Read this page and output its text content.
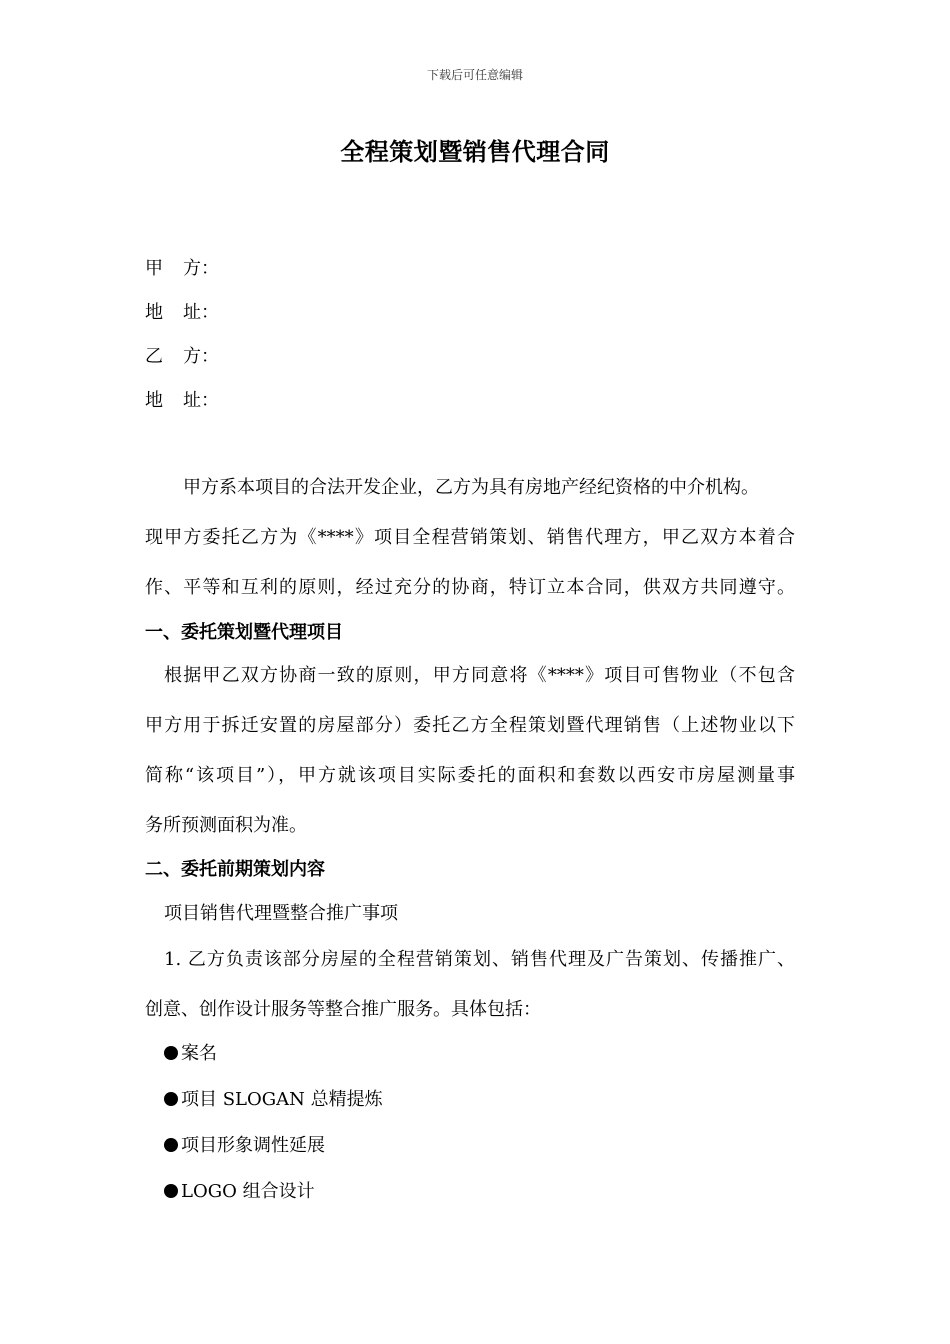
下载后可任意编辑
全程策划暨销售代理合同
甲 方：
地 址：
乙 方：
地 址：
甲方系本项目的合法开发企业，乙方为具有房地产经纪资格的中介机构。
现甲方委托乙方为《****》项目全程营销策划、销售代理方，甲乙双方本着合
作、平等和互利的原则，经过充分的协商，特订立本合同，供双方共同遵守。
一、委托策划暨代理项目
根据甲乙双方协商一致的原则，甲方同意将《****》项目可售物业（不包含
甲方用于拆迁安置的房屋部分）委托乙方全程策划暨代理销售（上述物业以下
简称“该项目”），甲方就该项目实际委托的面积和套数以西安市房屋测量事
务所预测面积为准。
二、委托前期策划内容
项目销售代理暨整合推广事项
1. 乙方负责该部分房屋的全程营销策划、销售代理及广告策划、传播推广、
创意、创作设计服务等整合推广服务。具体包括：
案名
项目 SLOGAN 总精提炼
项目形象调性延展
LOGO 组合设计
